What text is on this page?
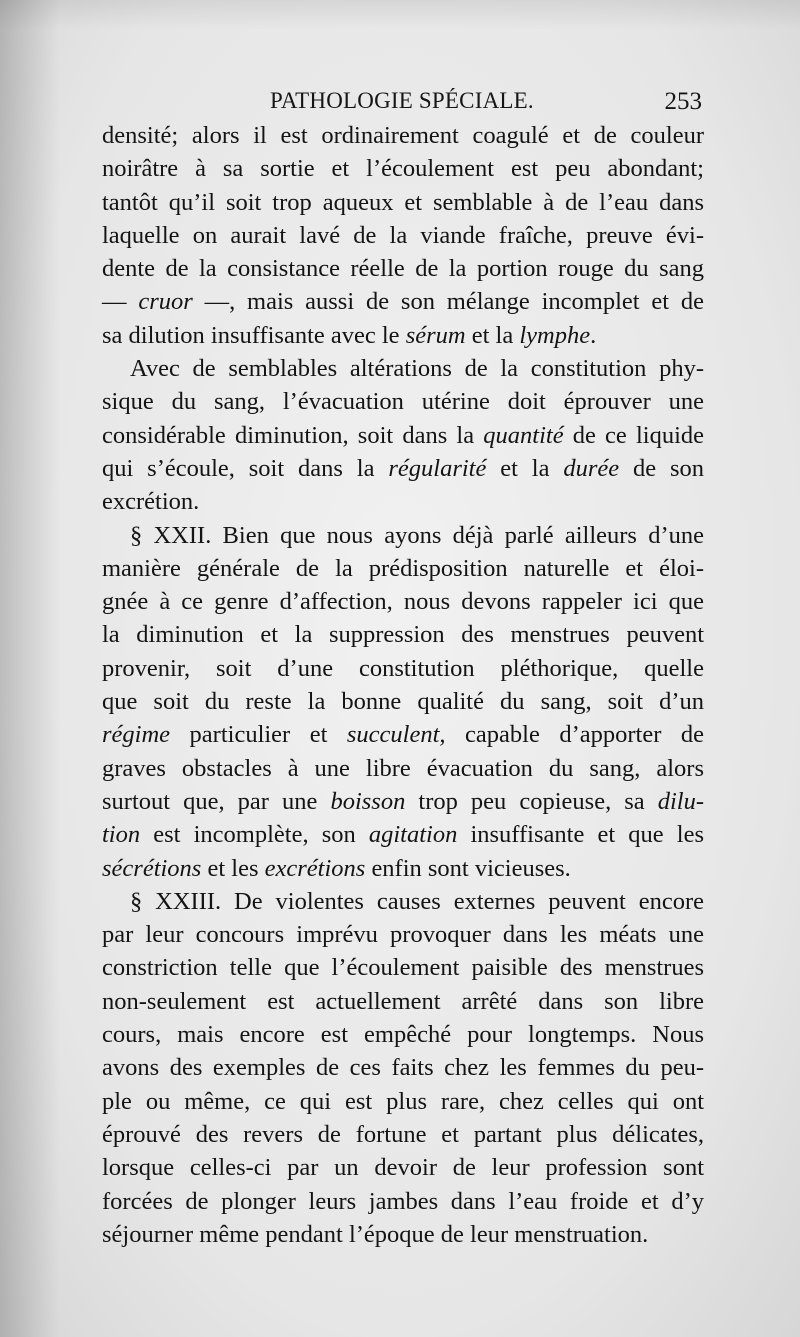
PATHOLOGIE SPÉCIALE.	253
densité; alors il est ordinairement coagulé et de couleur
noirâtre à sa sortie et l’écoulement est peu abondant;
tantôt qu’il soit trop aqueux et semblable à de l’eau dans
laquelle on aurait lavé de la viande fraîche, preuve évi-
dente de la consistance réelle de la portion rouge du sang
— cruor —, mais aussi de son mélange incomplet et de
sa dilution insuffisante avec le sérum et la lymphe.
Avec de semblables altérations de la constitution phy-
sique du sang, l’évacuation utérine doit éprouver une
considérable diminution, soit dans la quantité de ce liquide
qui s’écoule, soit dans la régularité et la durée de son
excrétion.
§ XXII. Bien que nous ayons déjà parlé ailleurs d’une
manière générale de la prédisposition naturelle et éloi-
gnée à ce genre d’affection, nous devons rappeler ici que
la diminution et la suppression des menstrues peuvent
provenir, soit d’une constitution pléthorique, quelle
que soit du reste la bonne qualité du sang, soit d’un
régime particulier et succulent, capable d’apporter de
graves obstacles à une libre évacuation du sang, alors
surtout que, par une boisson trop peu copieuse, sa dilu-
tion est incomplète, son agitation insuffisante et que les
sécrétions et les excrétions enfin sont vicieuses.
§ XXIII. De violentes causes externes peuvent encore
par leur concours imprévu provoquer dans les méats une
constriction telle que l’écoulement paisible des menstrues
non-seulement est actuellement arrêté dans son libre
cours, mais encore est empêché pour longtemps. Nous
avons des exemples de ces faits chez les femmes du peu-
ple ou même, ce qui est plus rare, chez celles qui ont
éprouvé des revers de fortune et partant plus délicates,
lorsque celles-ci par un devoir de leur profession sont
forcées de plonger leurs jambes dans l’eau froide et d’y
séjourner même pendant l’époque de leur menstruation.
